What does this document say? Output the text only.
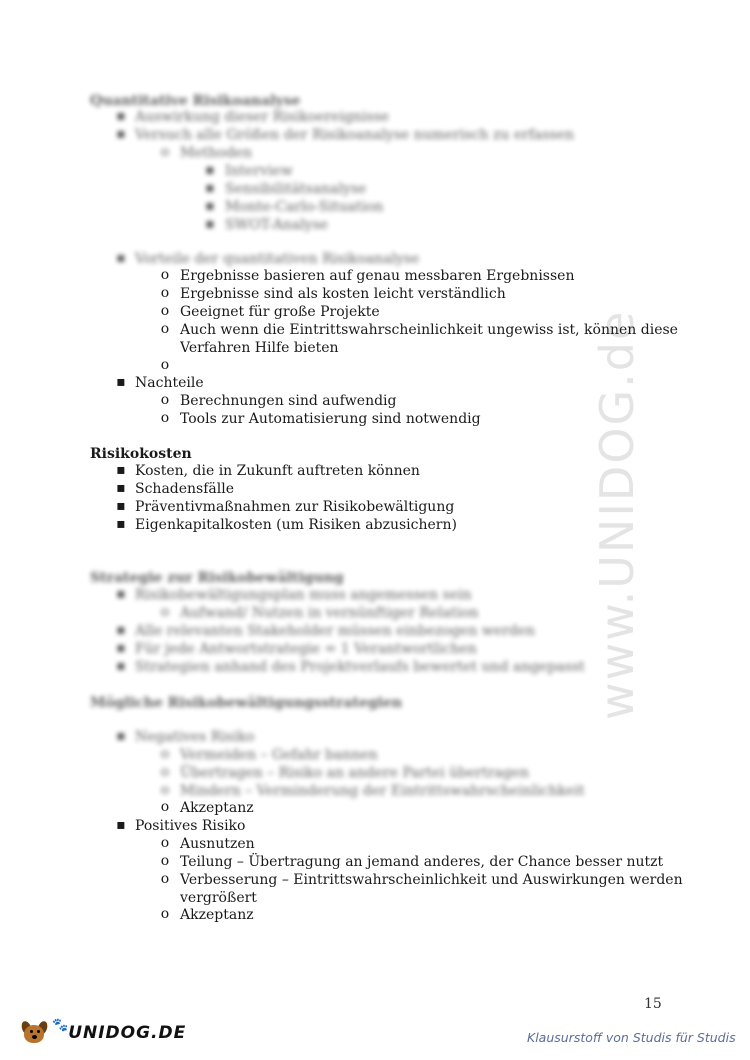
www.UNIDOG.de
Quantitative Risikoanalyse
▪ Auswirkung dieser Risikoereignisse
▪ Versuch alle Größen der Risikoanalyse numerisch zu erfassen
o Methoden
▪ Interview
▪ Sensibilitätsanalyse
▪ Monte-Carlo-Situation
▪ SWOT-Analyse
▪ Vorteile der quantitativen Risikoanalyse
o Ergebnisse basieren auf genau messbaren Ergebnissen
o Ergebnisse sind als kosten leicht verständlich
o Geeignet für große Projekte
o Auch wenn die Eintrittswahrscheinlichkeit ungewiss ist, können diese
Verfahren Hilfe bieten
o
▪ Nachteile
o Berechnungen sind aufwendig
o Tools zur Automatisierung sind notwendig
Risikokosten
▪ Kosten, die in Zukunft auftreten können
▪ Schadensfälle
▪ Präventivmaßnahmen zur Risikobewältigung
▪ Eigenkapitalkosten (um Risiken abzusichern)
Strategie zur Risikobewältigung
▪ Risikobewältigungsplan muss angemessen sein
o Aufwand/ Nutzen in vernünftiger Relation
▪ Alle relevanten Stakeholder müssen einbezogen werden
▪ Für jede Antwortstrategie = 1 Verantwortlichen
▪ Strategien anhand des Projektverlaufs bewertet und angepasst
Mögliche Risikobewältigungsstrategien
▪ Negatives Risiko
o Vermeiden – Gefahr bannen
o Übertragen – Risiko an andere Partei übertragen
o Mindern – Verminderung der Eintrittswahrscheinlichkeit
o Akzeptanz
▪ Positives Risiko
o Ausnutzen
o Teilung – Übertragung an jemand anderes, der Chance besser nutzt
o Verbesserung – Eintrittswahrscheinlichkeit und Auswirkungen werden
vergrößert
o Akzeptanz
15
🐾 UNIDOG.DE	Klausurstoff von Studis für Studis
